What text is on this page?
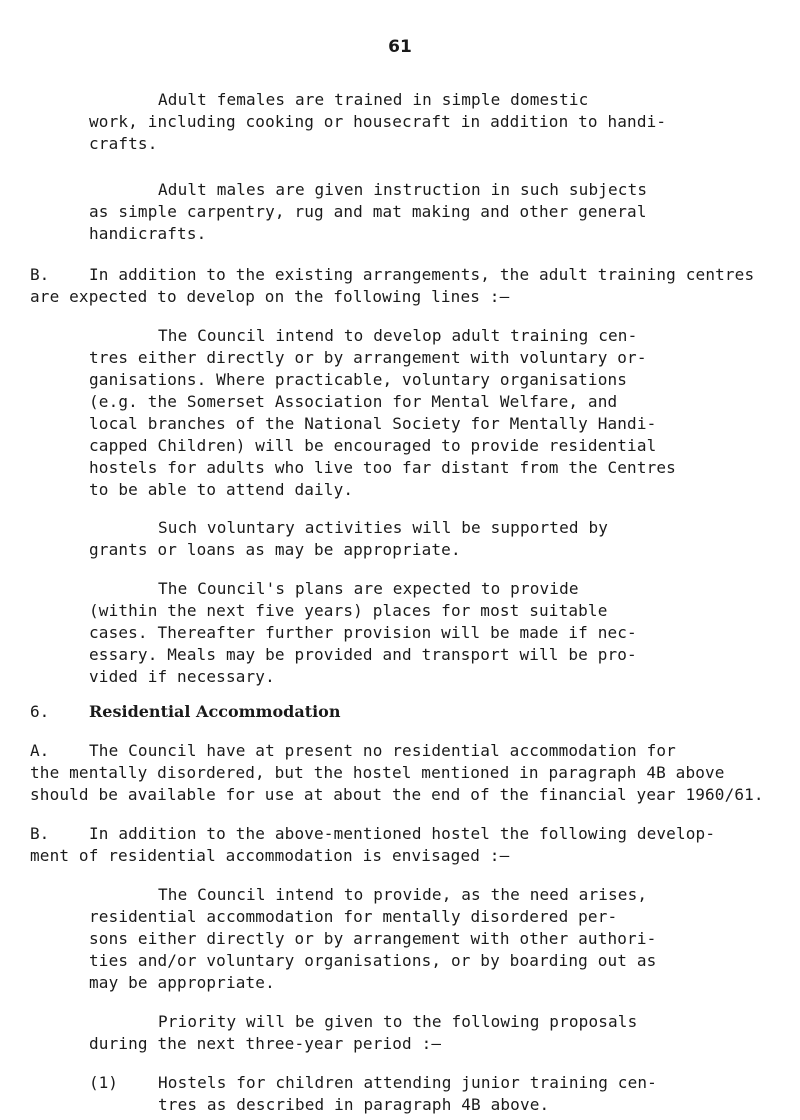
61
Adult females are trained in simple domestic
work, including cooking or housecraft in addition to handi-
crafts.
Adult males are given instruction in such subjects
as simple carpentry, rug and mat making and other general
handicrafts.
B. In addition to the existing arrangements, the adult training centres
are expected to develop on the following lines :—
The Council intend to develop adult training cen-
tres either directly or by arrangement with voluntary or-
ganisations. Where practicable, voluntary organisations
(e.g. the Somerset Association for Mental Welfare, and
local branches of the National Society for Mentally Handi-
capped Children) will be encouraged to provide residential
hostels for adults who live too far distant from the Centres
to be able to attend daily.
Such voluntary activities will be supported by
grants or loans as may be appropriate.
The Council's plans are expected to provide
(within the next five years) places for most suitable
cases. Thereafter further provision will be made if nec-
essary. Meals may be provided and transport will be pro-
vided if necessary.
6. Residential Accommodation
A. The Council have at present no residential accommodation for
the mentally disordered, but the hostel mentioned in paragraph 4B above
should be available for use at about the end of the financial year 1960/61.
B. In addition to the above-mentioned hostel the following develop-
ment of residential accommodation is envisaged :—
The Council intend to provide, as the need arises,
residential accommodation for mentally disordered per-
sons either directly or by arrangement with other authori-
ties and/or voluntary organisations, or by boarding out as
may be appropriate.
Priority will be given to the following proposals
during the next three-year period :—
(1)	Hostels for children attending junior training cen-
tres as described in paragraph 4B above.
